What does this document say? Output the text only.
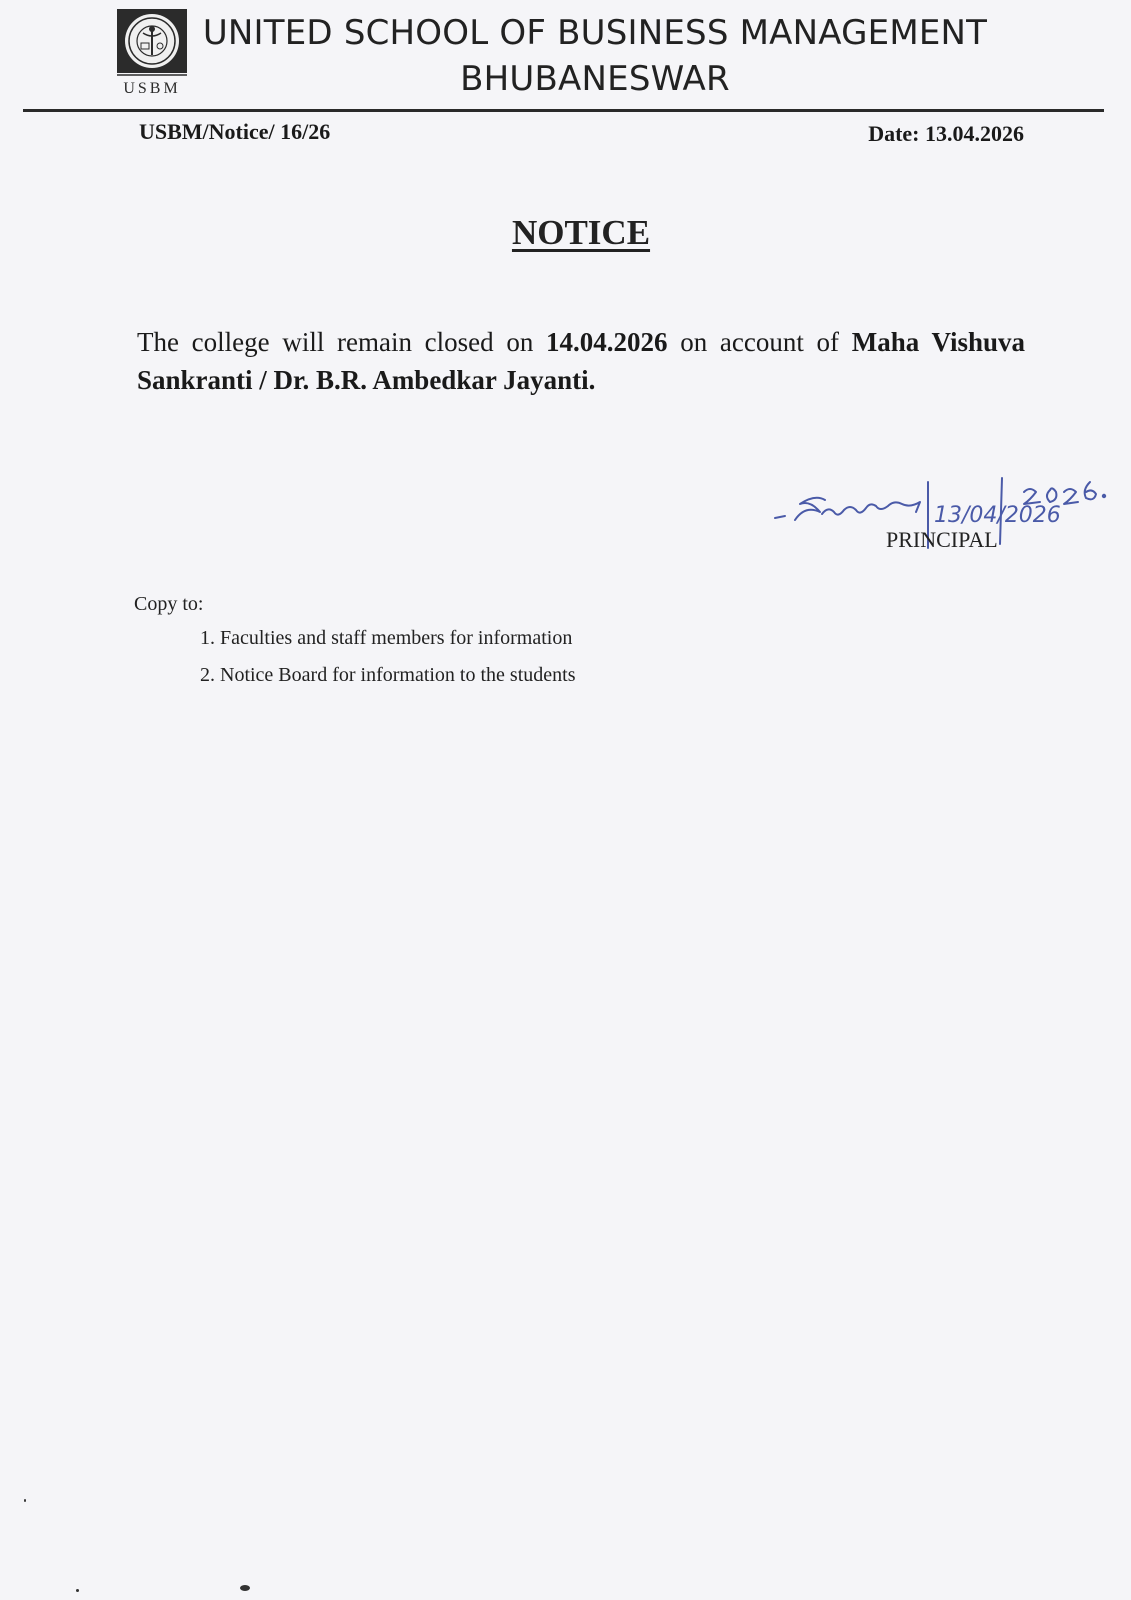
USBM
UNITED SCHOOL OF BUSINESS MANAGEMENT
BHUBANESWAR
USBM/Notice/ 16/26	Date: 13.04.2026
NOTICE
The college will remain closed on 14.04.2026 on account of Maha Vishuva Sankranti / Dr. B.R. Ambedkar Jayanti.
13/04/2026
PRINCIPAL
Copy to:
1. Faculties and staff members for information
2. Notice Board for information to the students
